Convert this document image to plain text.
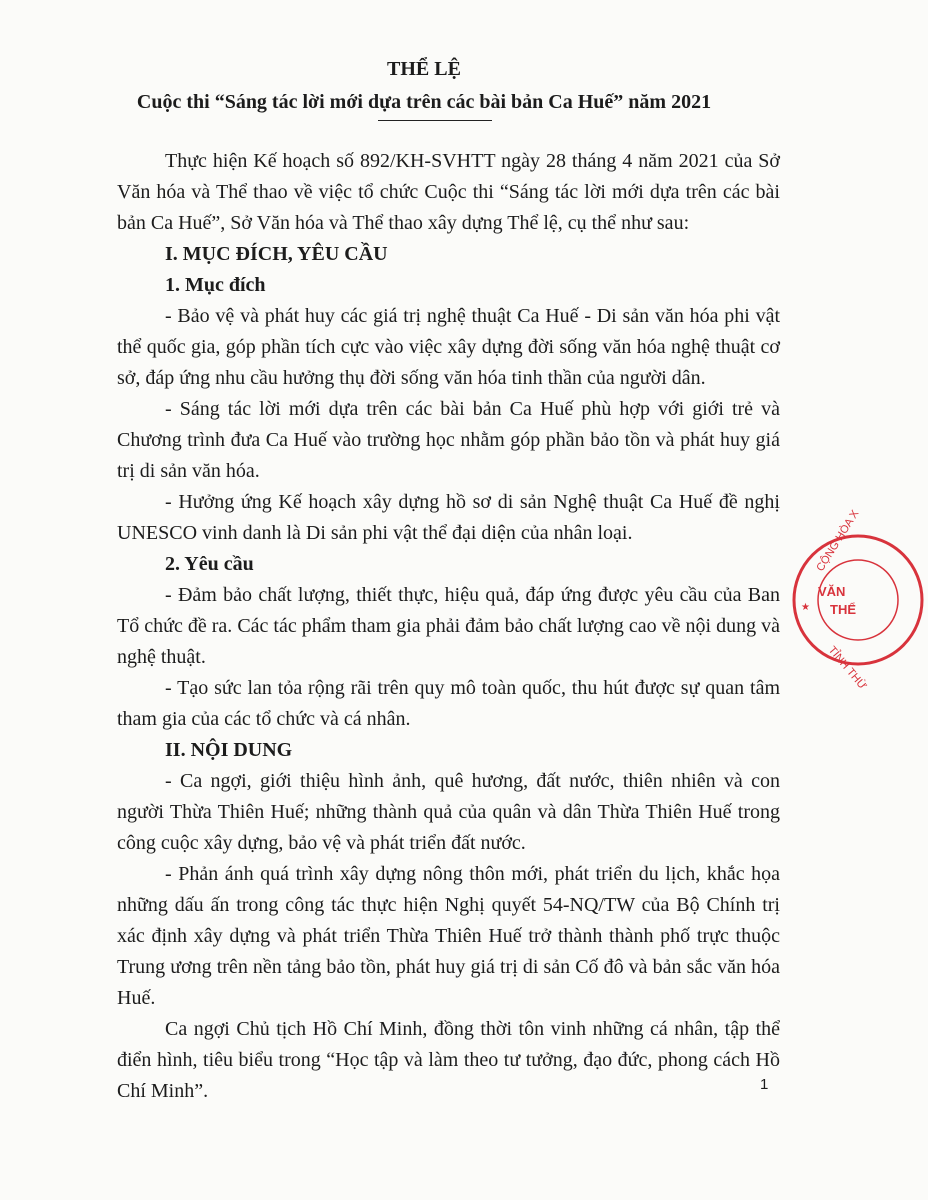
THỂ LỆ
Cuộc thi “Sáng tác lời mới dựa trên các bài bản Ca Huế” năm 2021

Thực hiện Kế hoạch số 892/KH-SVHTT ngày 28 tháng 4 năm 2021 của Sở Văn hóa và Thể thao về việc tổ chức Cuộc thi “Sáng tác lời mới dựa trên các bài bản Ca Huế”, Sở Văn hóa và Thể thao xây dựng Thể lệ, cụ thể như sau:

I. MỤC ĐÍCH, YÊU CẦU
1. Mục đích

- Bảo vệ và phát huy các giá trị nghệ thuật Ca Huế - Di sản văn hóa phi vật thể quốc gia, góp phần tích cực vào việc xây dựng đời sống văn hóa nghệ thuật cơ sở, đáp ứng nhu cầu hưởng thụ đời sống văn hóa tinh thần của người dân.

- Sáng tác lời mới dựa trên các bài bản Ca Huế phù hợp với giới trẻ và Chương trình đưa Ca Huế vào trường học nhằm góp phần bảo tồn và phát huy giá trị di sản văn hóa.

- Hưởng ứng Kế hoạch xây dựng hồ sơ di sản Nghệ thuật Ca Huế đề nghị UNESCO vinh danh là Di sản phi vật thể đại diện của nhân loại.

2. Yêu cầu

- Đảm bảo chất lượng, thiết thực, hiệu quả, đáp ứng được yêu cầu của Ban Tổ chức đề ra. Các tác phẩm tham gia phải đảm bảo chất lượng cao về nội dung và nghệ thuật.

- Tạo sức lan tỏa rộng rãi trên quy mô toàn quốc, thu hút được sự quan tâm tham gia của các tổ chức và cá nhân.

II. NỘI DUNG

- Ca ngợi, giới thiệu hình ảnh, quê hương, đất nước, thiên nhiên và con người Thừa Thiên Huế; những thành quả của quân và dân Thừa Thiên Huế trong công cuộc xây dựng, bảo vệ và phát triển đất nước.

- Phản ánh quá trình xây dựng nông thôn mới, phát triển du lịch, khắc họa những dấu ấn trong công tác thực hiện Nghị quyết 54-NQ/TW của Bộ Chính trị xác định xây dựng và phát triển Thừa Thiên Huế trở thành thành phố trực thuộc Trung ương trên nền tảng bảo tồn, phát huy giá trị di sản Cố đô và bản sắc văn hóa Huế.

Ca ngợi Chủ tịch Hồ Chí Minh, đồng thời tôn vinh những cá nhân, tập thể điển hình, tiêu biểu trong “Học tập và làm theo tư tưởng, đạo đức, phong cách Hồ Chí Minh”.	1
CỘNG HÒA X
VĂN
THỂ
TỈNH THỪ
★
